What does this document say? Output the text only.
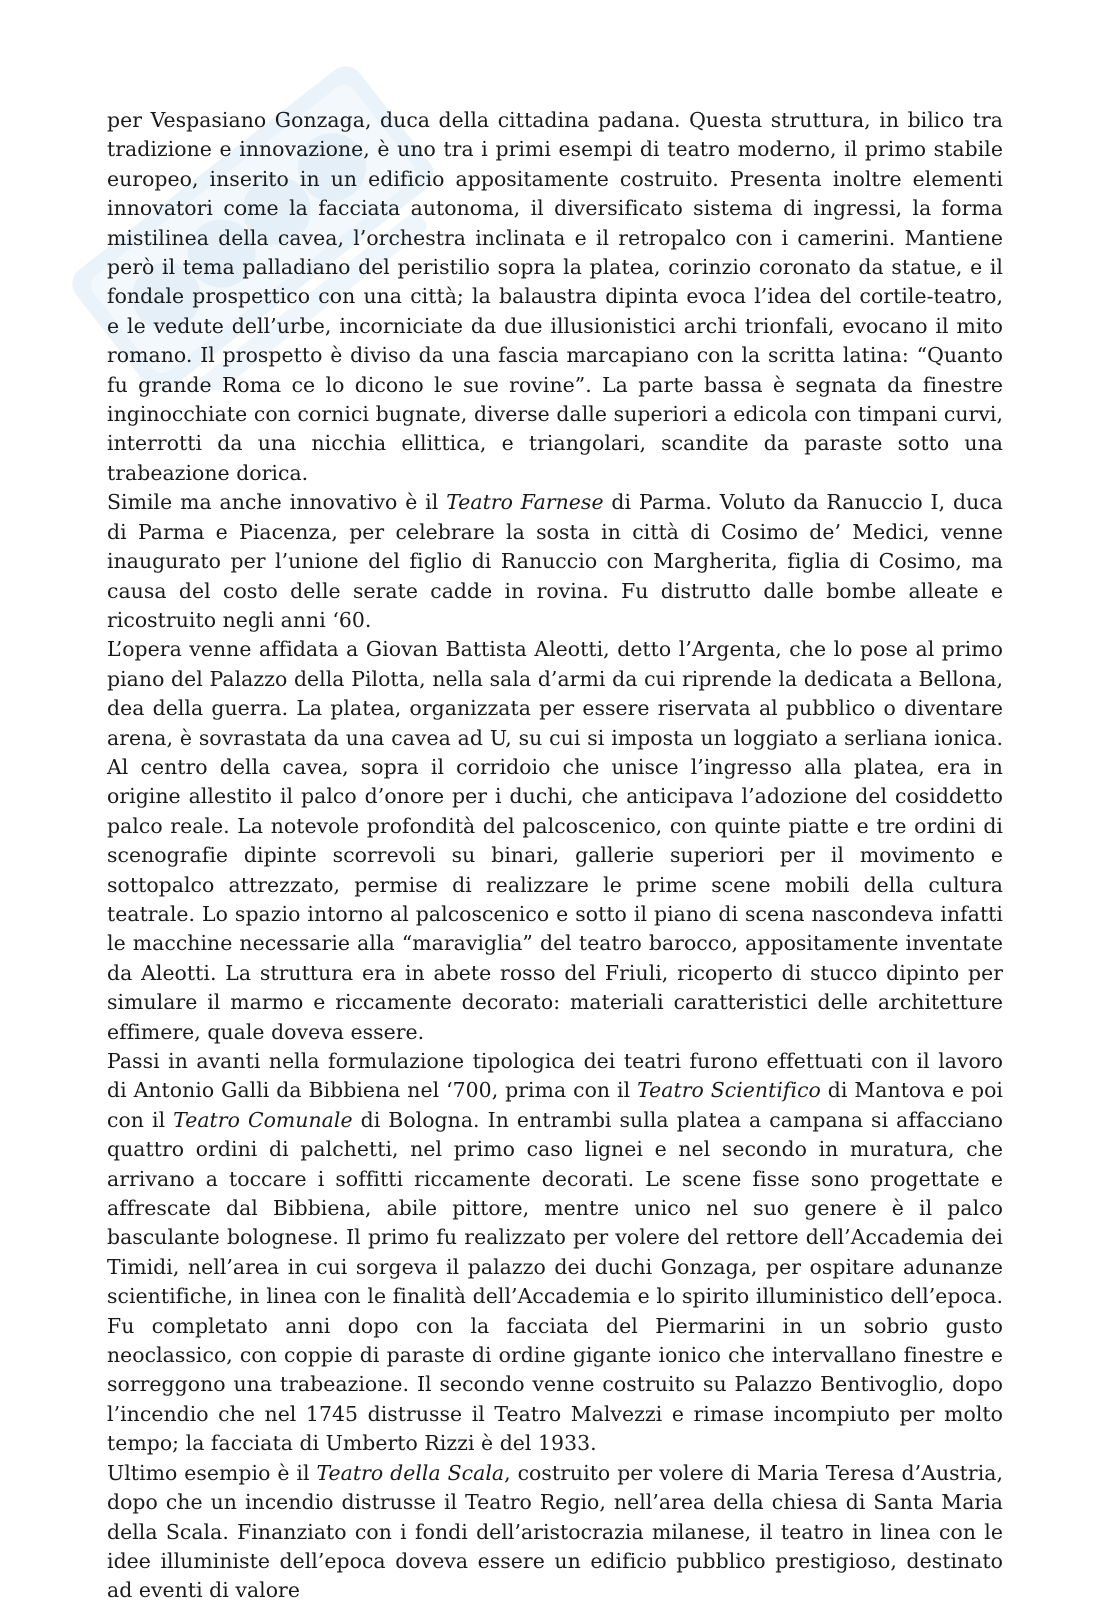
per Vespasiano Gonzaga, duca della cittadina padana. Questa struttura, in bilico tra tradizione e innovazione, è uno tra i primi esempi di teatro moderno, il primo stabile europeo, inserito in un edificio appositamente costruito. Presenta inoltre elementi innovatori come la facciata autonoma, il diversificato sistema di ingressi, la forma mistilinea della cavea, l’orchestra inclinata e il retropalco con i camerini. Mantiene però il tema palladiano del peristilio sopra la platea, corinzio coronato da statue, e il fondale prospettico con una città; la balaustra dipinta evoca l’idea del cortile-teatro, e le vedute dell’urbe, incorniciate da due illusionistici archi trionfali, evocano il mito romano. Il prospetto è diviso da una fascia marcapiano con la scritta latina: “Quanto fu grande Roma ce lo dicono le sue rovine”. La parte bassa è segnata da finestre inginocchiate con cornici bugnate, diverse dalle superiori a edicola con timpani curvi, interrotti da una nicchia ellittica, e triangolari, scandite da paraste sotto una trabeazione dorica.

Simile ma anche innovativo è il Teatro Farnese di Parma. Voluto da Ranuccio I, duca di Parma e Piacenza, per celebrare la sosta in città di Cosimo de’ Medici, venne inaugurato per l’unione del figlio di Ranuccio con Margherita, figlia di Cosimo, ma causa del costo delle serate cadde in rovina. Fu distrutto dalle bombe alleate e ricostruito negli anni ‘60.

L’opera venne affidata a Giovan Battista Aleotti, detto l’Argenta, che lo pose al primo piano del Palazzo della Pilotta, nella sala d’armi da cui riprende la dedicata a Bellona, dea della guerra. La platea, organizzata per essere riservata al pubblico o diventare arena, è sovrastata da una cavea ad U, su cui si imposta un loggiato a serliana ionica. Al centro della cavea, sopra il corridoio che unisce l’ingresso alla platea, era in origine allestito il palco d’onore per i duchi, che anticipava l’adozione del cosiddetto palco reale. La notevole profondità del palcoscenico, con quinte piatte e tre ordini di scenografie dipinte scorrevoli su binari, gallerie superiori per il movimento e sottopalco attrezzato, permise di realizzare le prime scene mobili della cultura teatrale. Lo spazio intorno al palcoscenico e sotto il piano di scena nascondeva infatti le macchine necessarie alla “maraviglia” del teatro barocco, appositamente inventate da Aleotti. La struttura era in abete rosso del Friuli, ricoperto di stucco dipinto per simulare il marmo e riccamente decorato: materiali caratteristici delle architetture effimere, quale doveva essere.

Passi in avanti nella formulazione tipologica dei teatri furono effettuati con il lavoro di Antonio Galli da Bibbiena nel ‘700, prima con il Teatro Scientifico di Mantova e poi con il Teatro Comunale di Bologna. In entrambi sulla platea a campana si affacciano quattro ordini di palchetti, nel primo caso lignei e nel secondo in muratura, che arrivano a toccare i soffitti riccamente decorati. Le scene fisse sono progettate e affrescate dal Bibbiena, abile pittore, mentre unico nel suo genere è il palco basculante bolognese. Il primo fu realizzato per volere del rettore dell’Accademia dei Timidi, nell’area in cui sorgeva il palazzo dei duchi Gonzaga, per ospitare adunanze scientifiche, in linea con le finalità dell’Accademia e lo spirito illuministico dell’epoca. Fu completato anni dopo con la facciata del Piermarini in un sobrio gusto neoclassico, con coppie di paraste di ordine gigante ionico che intervallano finestre e sorreggono una trabeazione. Il secondo venne costruito su Palazzo Bentivoglio, dopo l’incendio che nel 1745 distrusse il Teatro Malvezzi e rimase incompiuto per molto tempo; la facciata di Umberto Rizzi è del 1933.

Ultimo esempio è il Teatro della Scala, costruito per volere di Maria Teresa d’Austria, dopo che un incendio distrusse il Teatro Regio, nell’area della chiesa di Santa Maria della Scala. Finanziato con i fondi dell’aristocrazia milanese, il teatro in linea con le idee illuministe dell’epoca doveva essere un edificio pubblico prestigioso, destinato ad eventi di valore
